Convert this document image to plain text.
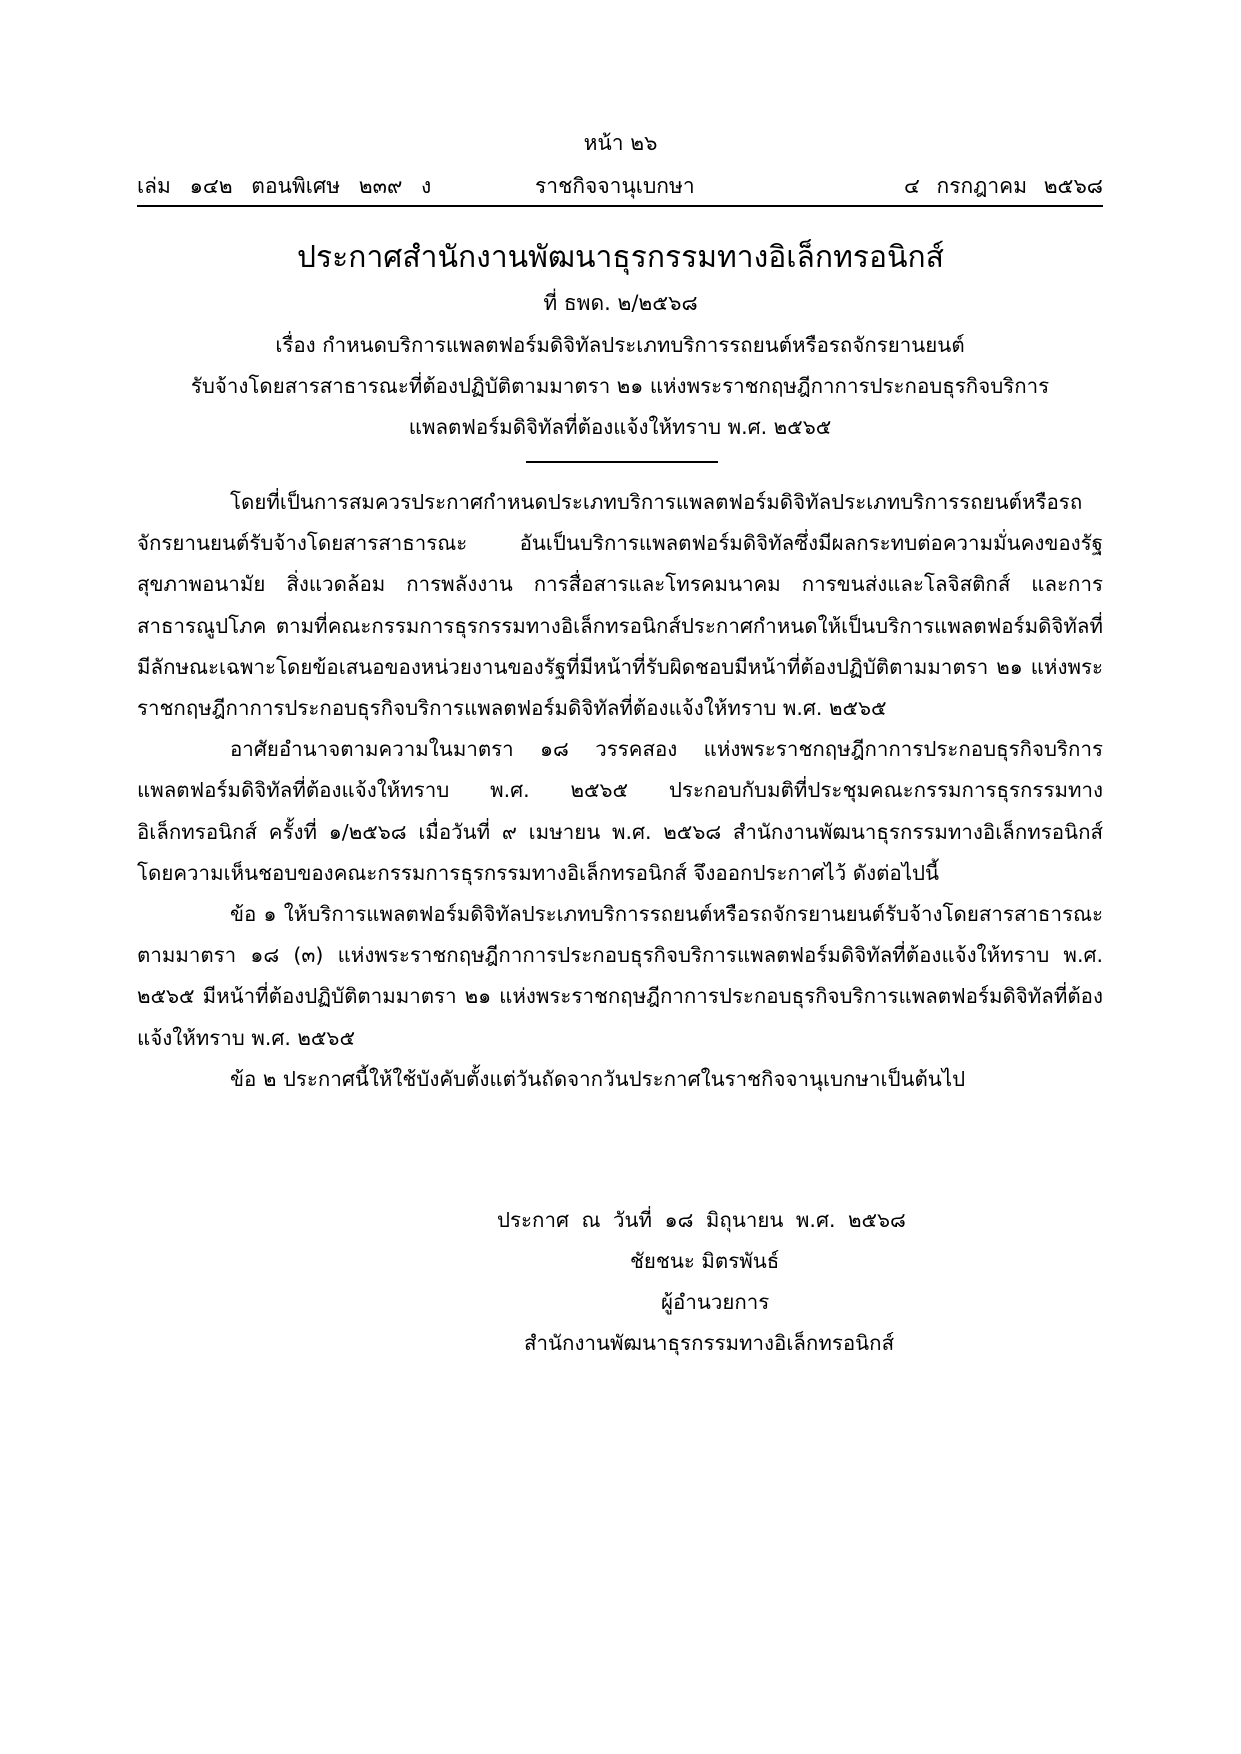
หน้า ๒๖
เล่ม ๑๔๒ ตอนพิเศษ ๒๓๙ ง	ราชกิจจานุเบกษา	๔ กรกฎาคม ๒๕๖๘
ประกาศสำนักงานพัฒนาธุรกรรมทางอิเล็กทรอนิกส์
ที่ ธพด. ๒/๒๕๖๘
เรื่อง กำหนดบริการแพลตฟอร์มดิจิทัลประเภทบริการรถยนต์หรือรถจักรยานยนต์
รับจ้างโดยสารสาธารณะที่ต้องปฏิบัติตามมาตรา ๒๑ แห่งพระราชกฤษฎีกาการประกอบธุรกิจบริการ
แพลตฟอร์มดิจิทัลที่ต้องแจ้งให้ทราบ พ.ศ. ๒๕๖๕

โดยที่เป็นการสมควรประกาศกำหนดประเภทบริการแพลตฟอร์มดิจิทัลประเภทบริการรถยนต์หรือรถจักรยานยนต์รับจ้างโดยสารสาธารณะ อันเป็นบริการแพลตฟอร์มดิจิทัลซึ่งมีผลกระทบต่อความมั่นคงของรัฐ สุขภาพอนามัย สิ่งแวดล้อม การพลังงาน การสื่อสารและโทรคมนาคม การขนส่งและโลจิสติกส์ และการสาธารณูปโภค ตามที่คณะกรรมการธุรกรรมทางอิเล็กทรอนิกส์ประกาศกำหนดให้เป็นบริการแพลตฟอร์มดิจิทัลที่มีลักษณะเฉพาะโดยข้อเสนอของหน่วยงานของรัฐที่มีหน้าที่รับผิดชอบมีหน้าที่ต้องปฏิบัติตามมาตรา ๒๑ แห่งพระราชกฤษฎีกาการประกอบธุรกิจบริการแพลตฟอร์มดิจิทัลที่ต้องแจ้งให้ทราบ พ.ศ. ๒๕๖๕

อาศัยอำนาจตามความในมาตรา ๑๘ วรรคสอง แห่งพระราชกฤษฎีกาการประกอบธุรกิจบริการแพลตฟอร์มดิจิทัลที่ต้องแจ้งให้ทราบ พ.ศ. ๒๕๖๕ ประกอบกับมติที่ประชุมคณะกรรมการธุรกรรมทางอิเล็กทรอนิกส์ ครั้งที่ ๑/๒๕๖๘ เมื่อวันที่ ๙ เมษายน พ.ศ. ๒๕๖๘ สำนักงานพัฒนาธุรกรรมทางอิเล็กทรอนิกส์ โดยความเห็นชอบของคณะกรรมการธุรกรรมทางอิเล็กทรอนิกส์ จึงออกประกาศไว้ ดังต่อไปนี้

ข้อ ๑ ให้บริการแพลตฟอร์มดิจิทัลประเภทบริการรถยนต์หรือรถจักรยานยนต์รับจ้างโดยสารสาธารณะ ตามมาตรา ๑๘ (๓) แห่งพระราชกฤษฎีกาการประกอบธุรกิจบริการแพลตฟอร์มดิจิทัลที่ต้องแจ้งให้ทราบ พ.ศ. ๒๕๖๕ มีหน้าที่ต้องปฏิบัติตามมาตรา ๒๑ แห่งพระราชกฤษฎีกาการประกอบธุรกิจบริการแพลตฟอร์มดิจิทัลที่ต้องแจ้งให้ทราบ พ.ศ. ๒๕๖๕

ข้อ ๒ ประกาศนี้ให้ใช้บังคับตั้งแต่วันถัดจากวันประกาศในราชกิจจานุเบกษาเป็นต้นไป

ประกาศ ณ วันที่ ๑๘ มิถุนายน พ.ศ. ๒๕๖๘
ชัยชนะ มิตรพันธ์
ผู้อำนวยการ
สำนักงานพัฒนาธุรกรรมทางอิเล็กทรอนิกส์
